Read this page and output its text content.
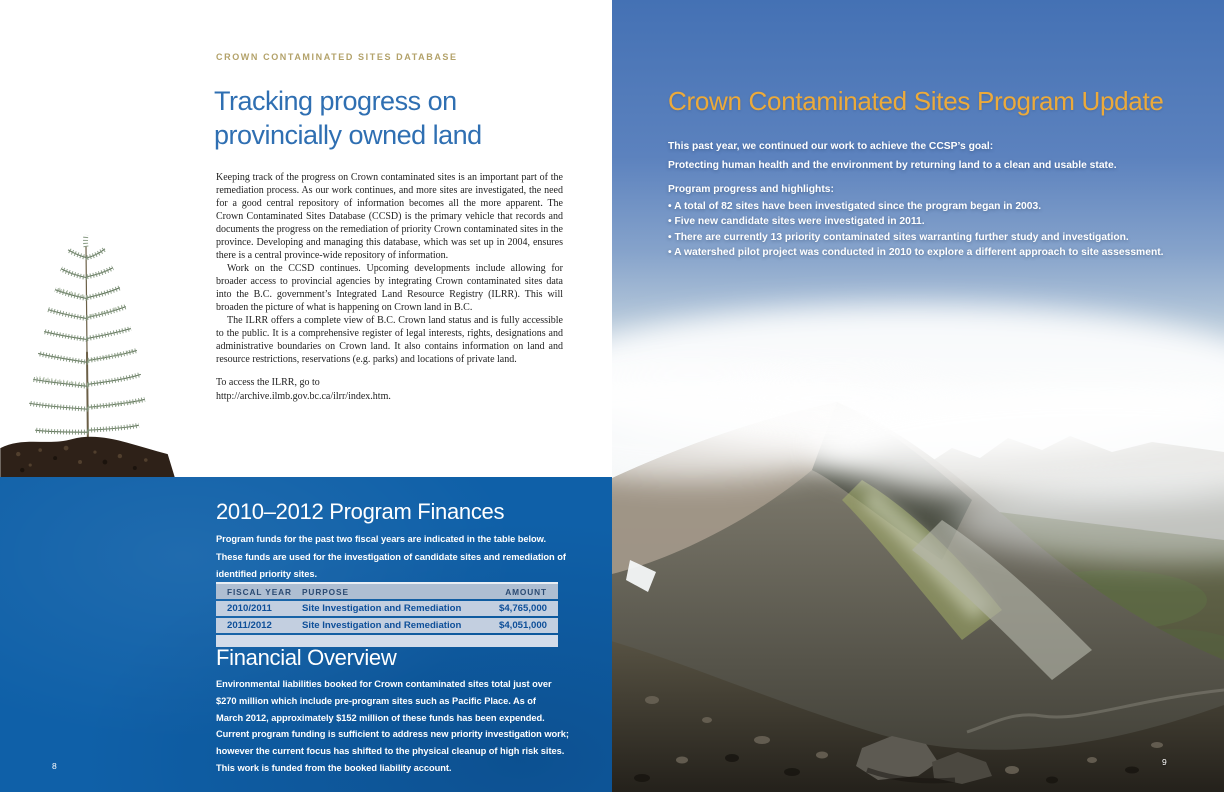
CROWN CONTAMINATED SITES DATABASE
Tracking progress on
provincially owned land

Keeping track of the progress on Crown contaminated sites is an important part of the remediation process. As our work continues, and more sites are investigated, the need for a good central repository of information becomes all the more apparent. The Crown Contaminated Sites Database (CCSD) is the primary vehicle that records and documents the progress on the remediation of priority Crown contaminated sites in the province. Developing and managing this database, which was set up in 2004, ensures there is a central province-wide repository of information.

Work on the CCSD continues. Upcoming developments include allowing for broader access to provincial agencies by integrating Crown contaminated sites data into the B.C. government’s Integrated Land Resource Registry (ILRR). This will broaden the picture of what is happening on Crown land in B.C.

The ILRR offers a complete view of B.C. Crown land status and is fully accessible to the public. It is a comprehensive register of legal interests, rights, designations and administrative boundaries on Crown land. It also contains information on land and resource restrictions, reservations (e.g. parks) and locations of private land.

To access the ILRR, go to
http://archive.ilmb.gov.bc.ca/ilrr/index.htm.
2010–2012 Program Finances
Program funds for the past two fiscal years are indicated in the table below.
These funds are used for the investigation of candidate sites and remediation of
identified priority sites.
FISCAL YEAR	PURPOSE	AMOUNT
2010/2011	Site Investigation and Remediation	$4,765,000
2011/2012	Site Investigation and Remediation	$4,051,000
Financial Overview
Environmental liabilities booked for Crown contaminated sites total just over
$270 million which include pre-program sites such as Pacific Place. As of
March 2012, approximately $152 million of these funds has been expended.
Current program funding is sufficient to address new priority investigation work;
however the current focus has shifted to the physical cleanup of high risk sites.
This work is funded from the booked liability account.
8
Crown Contaminated Sites Program Update
This past year, we continued our work to achieve the CCSP’s goal:
Protecting human health and the environment by returning land to a clean and usable state.
Program progress and highlights:
• A total of 82 sites have been investigated since the program began in 2003.
• Five new candidate sites were investigated in 2011.
• There are currently 13 priority contaminated sites warranting further study and investigation.
• A watershed pilot project was conducted in 2010 to explore a different approach to site assessment.
9
